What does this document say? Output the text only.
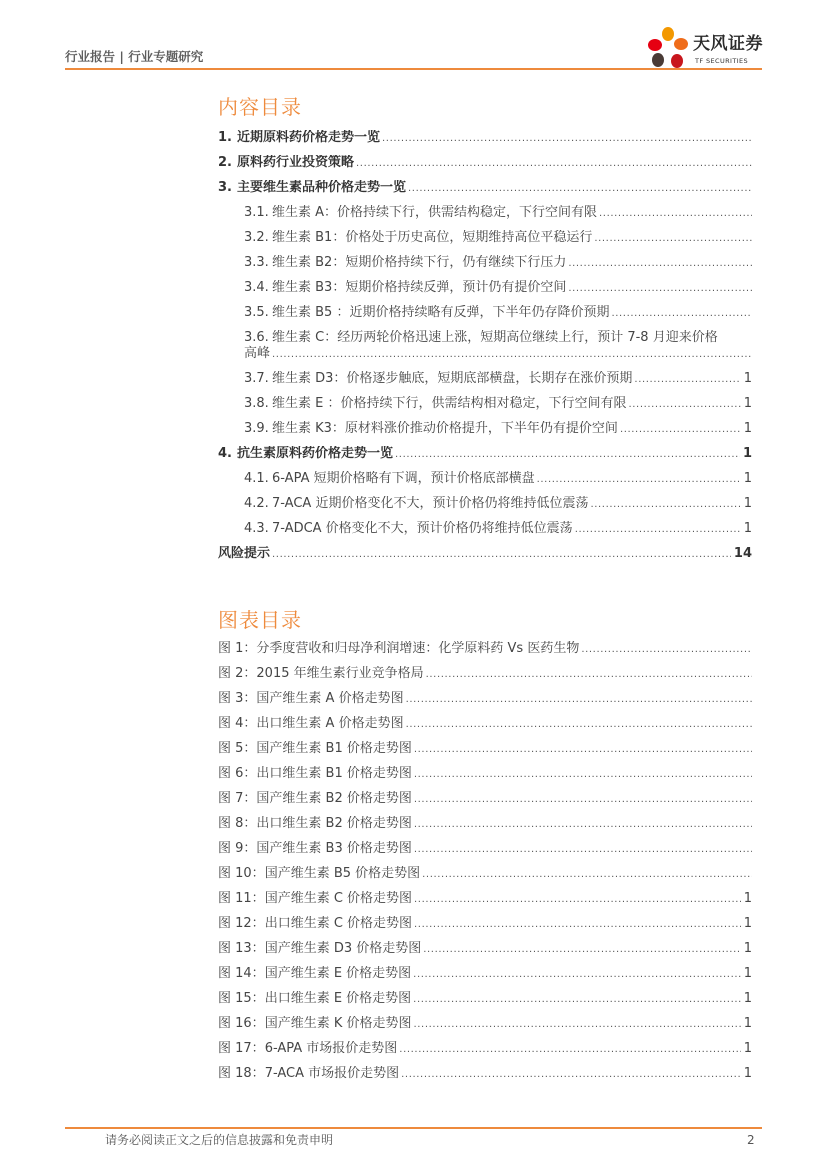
行业报告 | 行业专题研究
天风证券
TF SECURITIES
内容目录
1. 近期原料药价格走势一览
2. 原料药行业投资策略
3. 主要维生素品种价格走势一览
3.1. 维生素 A：价格持续下行，供需结构稳定，下行空间有限
3.2. 维生素 B1：价格处于历史高位，短期维持高位平稳运行
3.3. 维生素 B2：短期价格持续下行，仍有继续下行压力
3.4. 维生素 B3：短期价格持续反弹，预计仍有提价空间
3.5. 维生素 B5 ：近期价格持续略有反弹，下半年仍存降价预期
3.6. 维生素 C：经历两轮价格迅速上涨，短期高位继续上行，预计 7-8 月迎来价格
高峰
3.7. 维生素 D3：价格逐步触底，短期底部横盘，长期存在涨价预期	1
3.8. 维生素 E ：价格持续下行，供需结构相对稳定，下行空间有限	1
3.9. 维生素 K3：原材料涨价推动价格提升，下半年仍有提价空间	1
4. 抗生素原料药价格走势一览	1
4.1. 6-APA 短期价格略有下调，预计价格底部横盘	1
4.2. 7-ACA 近期价格变化不大，预计价格仍将维持低位震荡	1
4.3. 7-ADCA 价格变化不大，预计价格仍将维持低位震荡	1
风险提示	14
图表目录
图 1：分季度营收和归母净利润增速：化学原料药 Vs 医药生物
图 2：2015 年维生素行业竞争格局
图 3：国产维生素 A 价格走势图
图 4：出口维生素 A 价格走势图
图 5：国产维生素 B1 价格走势图
图 6：出口维生素 B1 价格走势图
图 7：国产维生素 B2 价格走势图
图 8：出口维生素 B2 价格走势图
图 9：国产维生素 B3 价格走势图
图 10：国产维生素 B5 价格走势图
图 11：国产维生素 C 价格走势图	1
图 12：出口维生素 C 价格走势图	1
图 13：国产维生素 D3 价格走势图	1
图 14：国产维生素 E 价格走势图	1
图 15：出口维生素 E 价格走势图	1
图 16：国产维生素 K 价格走势图	1
图 17：6-APA 市场报价走势图	1
图 18：7-ACA 市场报价走势图	1
请务必阅读正文之后的信息披露和免责申明	2
